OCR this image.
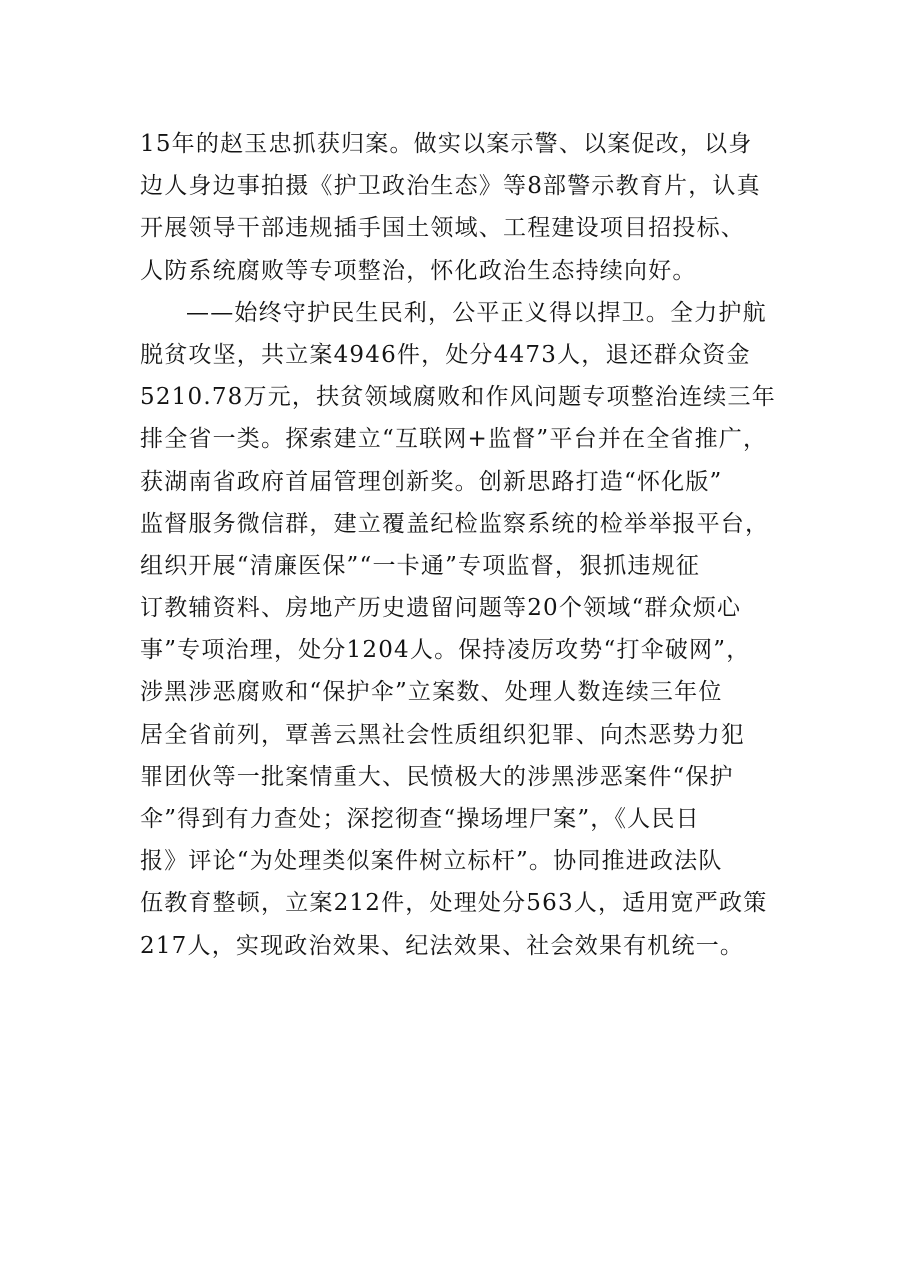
15年的赵玉忠抓获归案。做实以案示警、以案促改，以身
边人身边事拍摄《护卫政治生态》等8部警示教育片，认真
开展领导干部违规插手国土领域、工程建设项目招投标、
人防系统腐败等专项整治，怀化政治生态持续向好。
——始终守护民生民利，公平正义得以捍卫。全力护航
脱贫攻坚，共立案4946件，处分4473人，退还群众资金
5210.78万元，扶贫领域腐败和作风问题专项整治连续三年
排全省一类。探索建立“互联网+监督”平台并在全省推广，
获湖南省政府首届管理创新奖。创新思路打造“怀化版”
监督服务微信群，建立覆盖纪检监察系统的检举举报平台，
组织开展“清廉医保”“一卡通”专项监督，狠抓违规征
订教辅资料、房地产历史遗留问题等20个领域“群众烦心
事”专项治理，处分1204人。保持凌厉攻势“打伞破网”，
涉黑涉恶腐败和“保护伞”立案数、处理人数连续三年位
居全省前列，覃善云黑社会性质组织犯罪、向杰恶势力犯
罪团伙等一批案情重大、民愤极大的涉黑涉恶案件“保护
伞”得到有力查处；深挖彻查“操场埋尸案”，《人民日
报》评论“为处理类似案件树立标杆”。协同推进政法队
伍教育整顿，立案212件，处理处分563人，适用宽严政策
217人，实现政治效果、纪法效果、社会效果有机统一。
